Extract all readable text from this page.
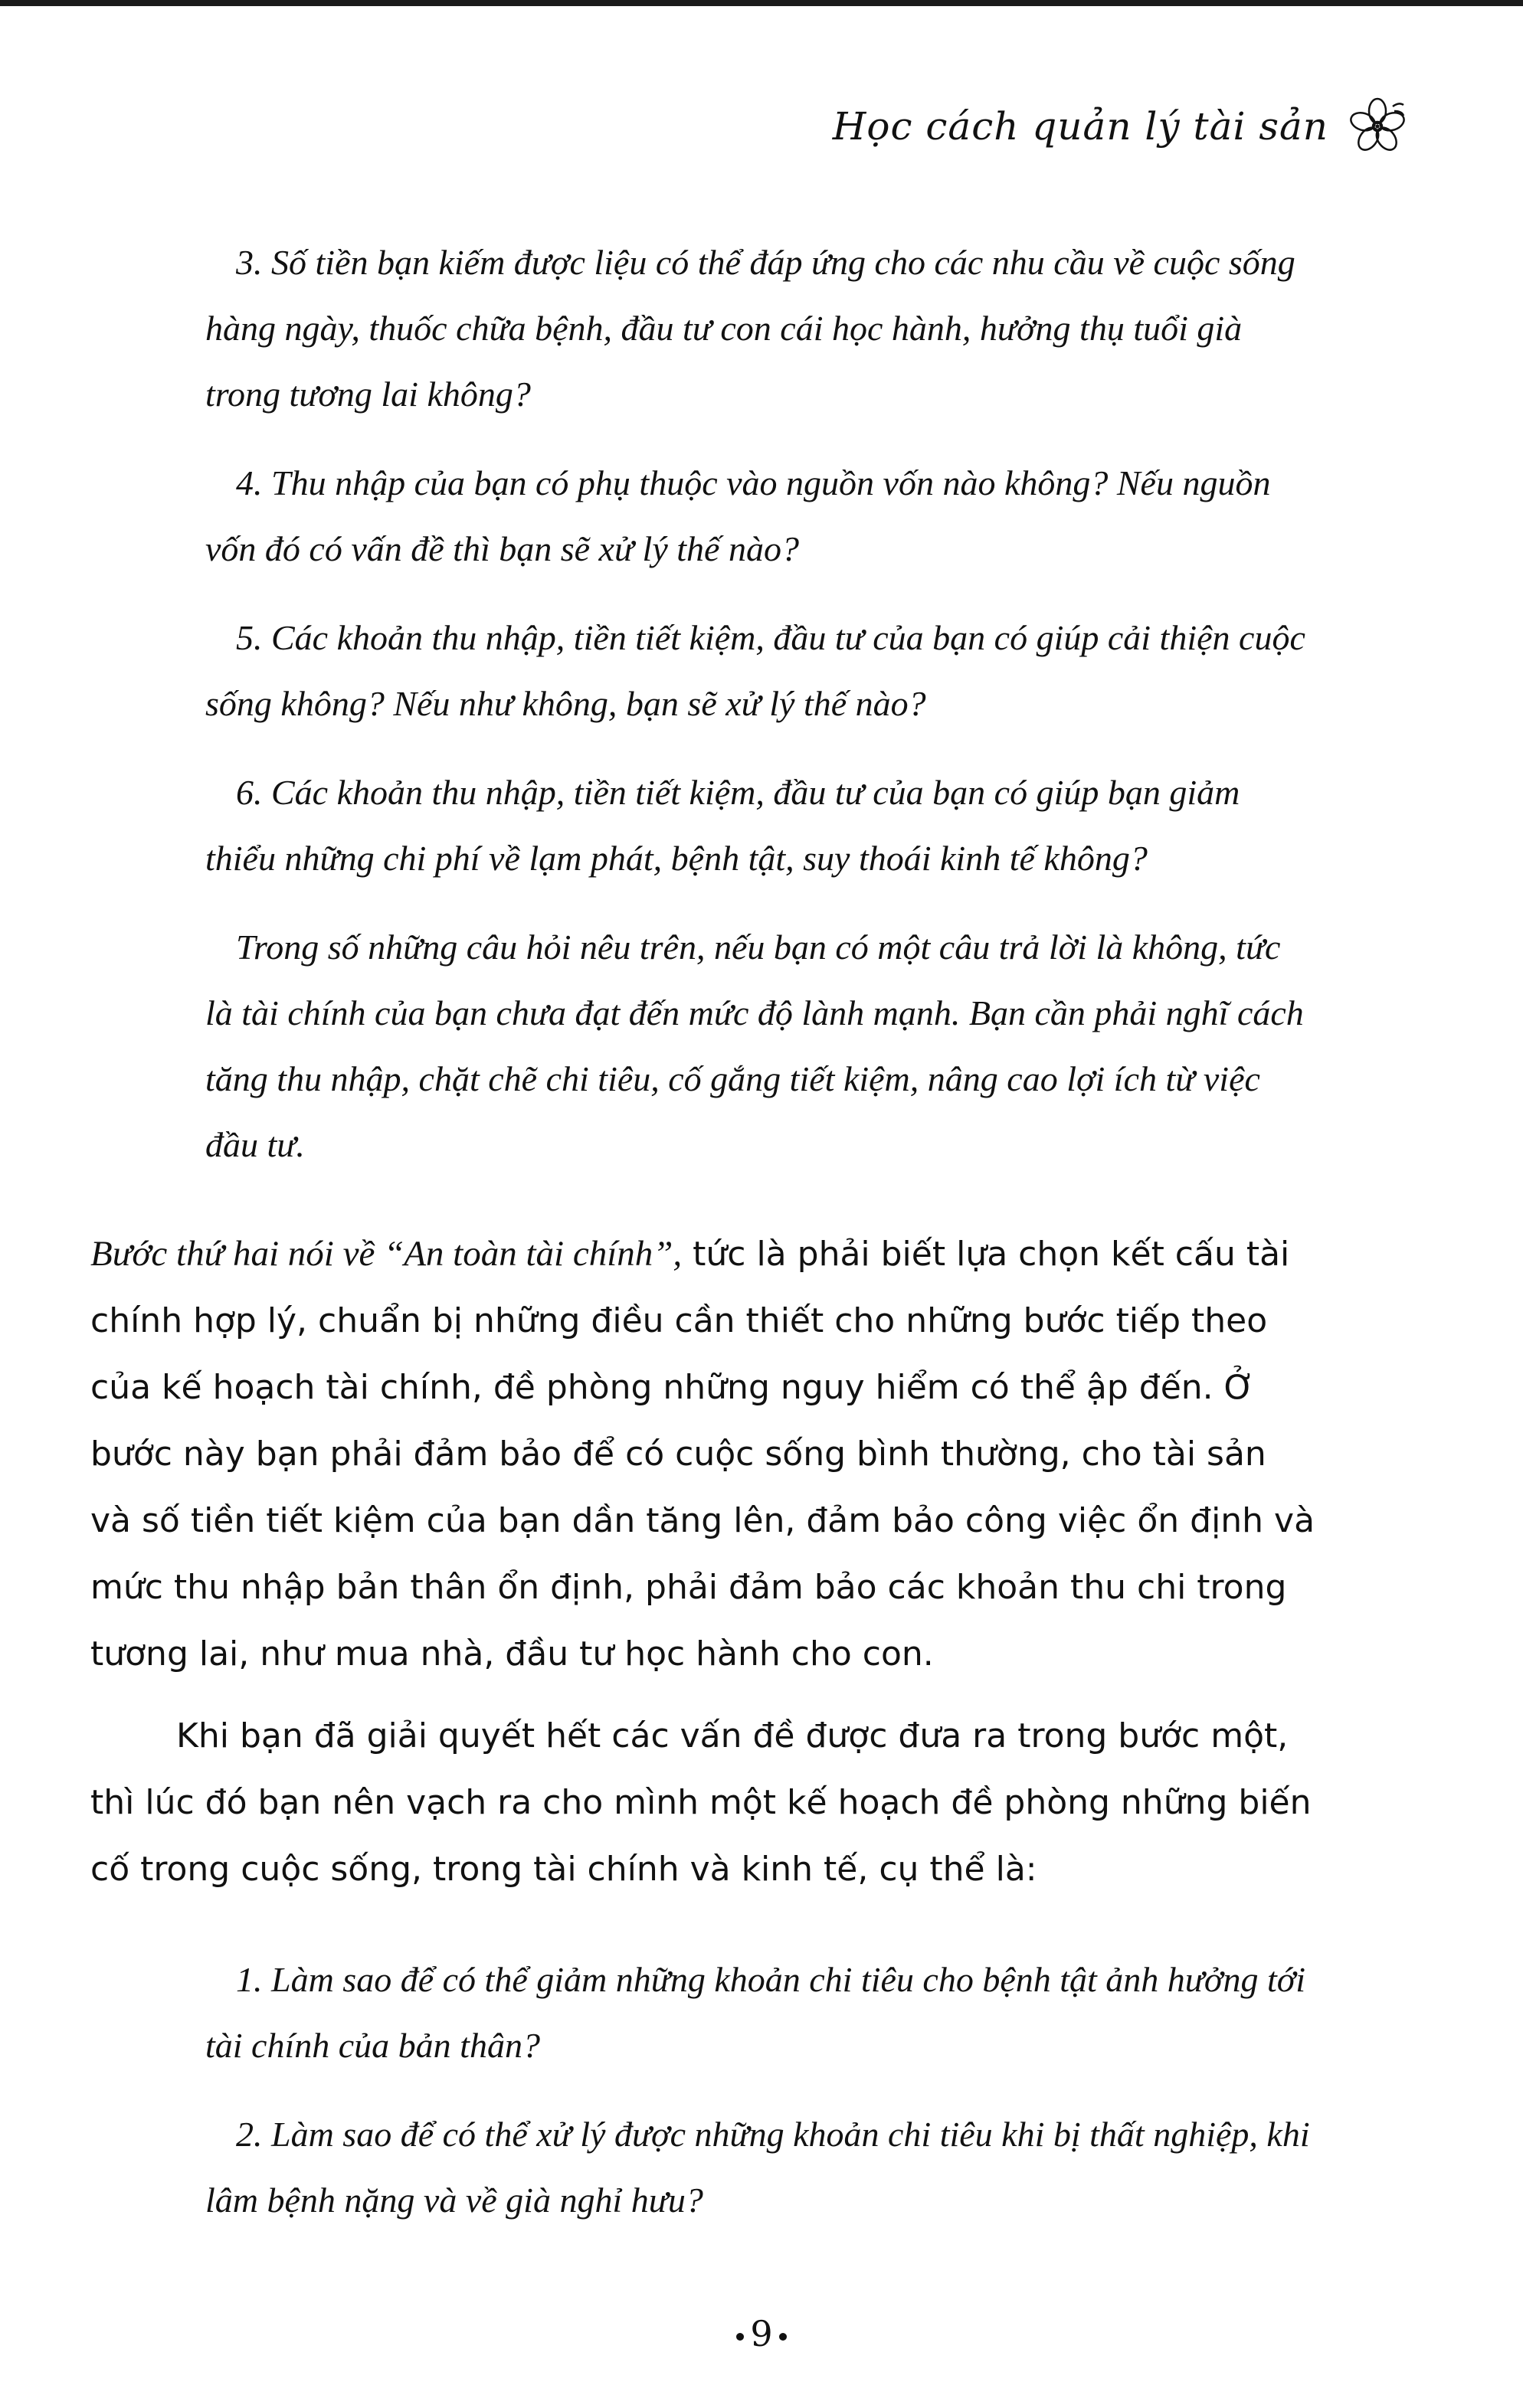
Học cách quản lý tài sản

3. Số tiền bạn kiếm được liệu có thể đáp ứng cho các nhu cầu về cuộc sống hàng ngày, thuốc chữa bệnh, đầu tư con cái học hành, hưởng thụ tuổi già trong tương lai không?

4. Thu nhập của bạn có phụ thuộc vào nguồn vốn nào không? Nếu nguồn vốn đó có vấn đề thì bạn sẽ xử lý thế nào?

5. Các khoản thu nhập, tiền tiết kiệm, đầu tư của bạn có giúp cải thiện cuộc sống không? Nếu như không, bạn sẽ xử lý thế nào?

6. Các khoản thu nhập, tiền tiết kiệm, đầu tư của bạn có giúp bạn giảm thiểu những chi phí về lạm phát, bệnh tật, suy thoái kinh tế không?

Trong số những câu hỏi nêu trên, nếu bạn có một câu trả lời là không, tức là tài chính của bạn chưa đạt đến mức độ lành mạnh. Bạn cần phải nghĩ cách tăng thu nhập, chặt chẽ chi tiêu, cố gắng tiết kiệm, nâng cao lợi ích từ việc đầu tư.

Bước thứ hai nói về “An toàn tài chính”, tức là phải biết lựa chọn kết cấu tài chính hợp lý, chuẩn bị những điều cần thiết cho những bước tiếp theo của kế hoạch tài chính, đề phòng những nguy hiểm có thể ập đến. Ở bước này bạn phải đảm bảo để có cuộc sống bình thường, cho tài sản và số tiền tiết kiệm của bạn dần tăng lên, đảm bảo công việc ổn định và mức thu nhập bản thân ổn định, phải đảm bảo các khoản thu chi trong tương lai, như mua nhà, đầu tư học hành cho con.

Khi bạn đã giải quyết hết các vấn đề được đưa ra trong bước một, thì lúc đó bạn nên vạch ra cho mình một kế hoạch đề phòng những biến cố trong cuộc sống, trong tài chính và kinh tế, cụ thể là:

1. Làm sao để có thể giảm những khoản chi tiêu cho bệnh tật ảnh hưởng tới tài chính của bản thân?

2. Làm sao để có thể xử lý được những khoản chi tiêu khi bị thất nghiệp, khi lâm bệnh nặng và về già nghỉ hưu?

9
